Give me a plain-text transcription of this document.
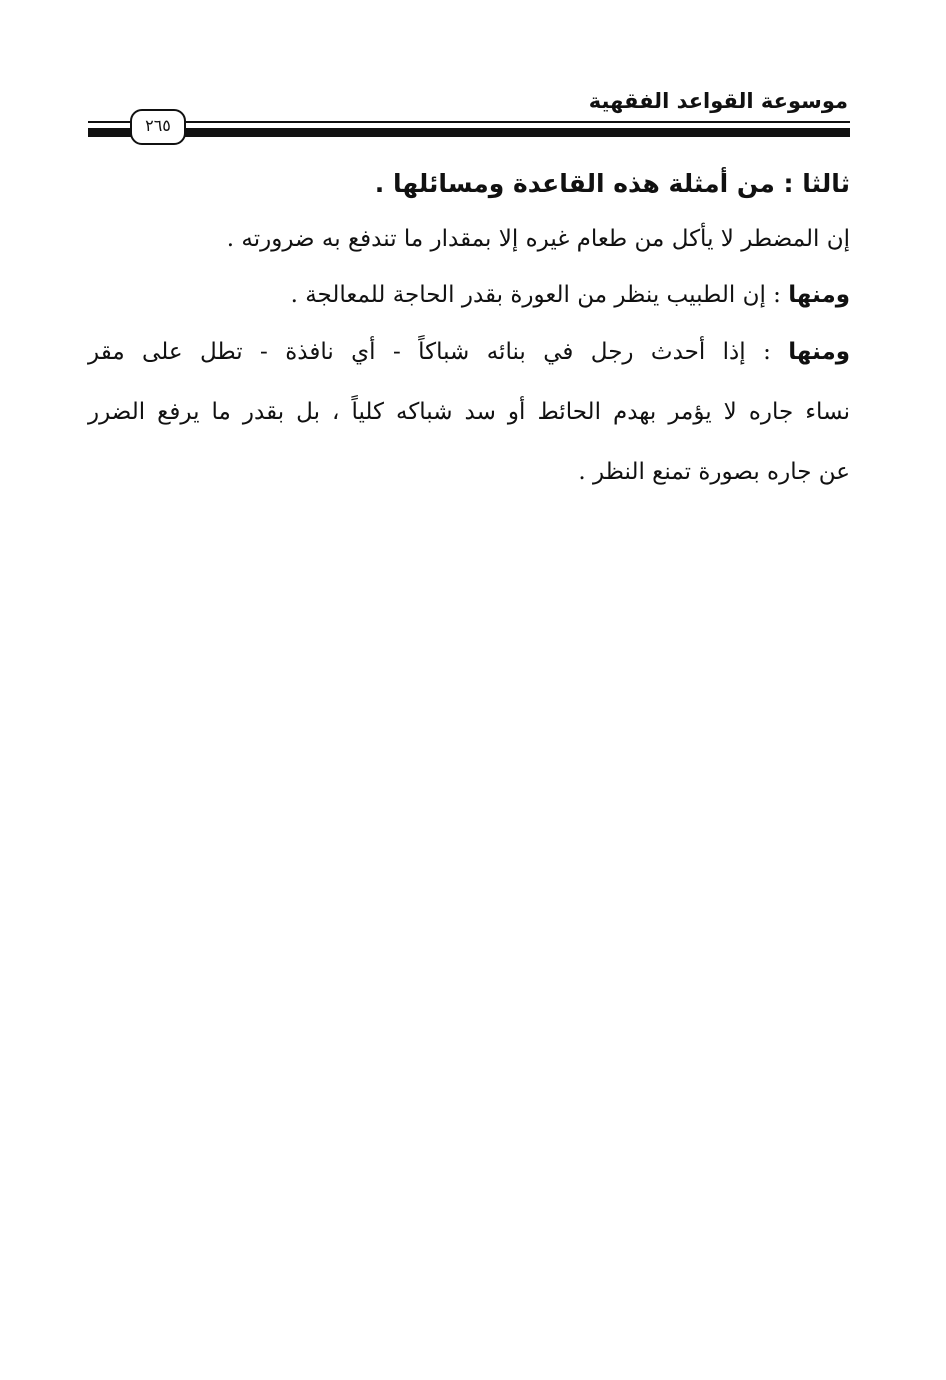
موسوعة القواعد الفقهية
٢٦٥
ثالثا : من أمثلة هذه القاعدة ومسائلها .
إن المضطر لا يأكل من طعام غيره إلا بمقدار ما تندفع به ضرورته .
ومنها : إن الطبيب ينظر من العورة بقدر الحاجة للمعالجة .
ومنها : إذا أحدث رجل في بنائه شباكاً - أي نافذة - تطل على مقر
نساء جاره لا يؤمر بهدم الحائط أو سد شباكه كلياً ، بل بقدر ما يرفع الضرر
عن جاره بصورة تمنع النظر .
